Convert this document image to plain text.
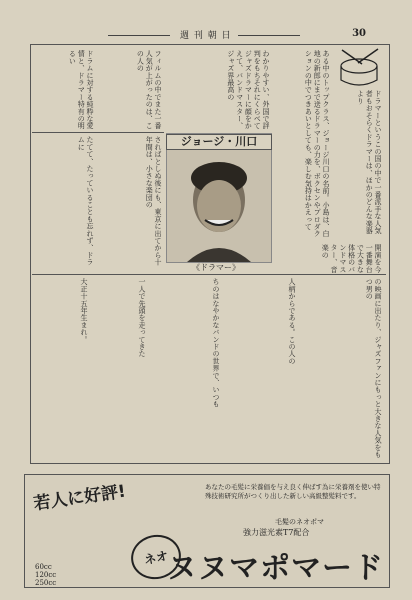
週 刊 朝 日	30
ドラマーというこの国の中で一番派手な人気者もおそらくドラマーは、ほかのどんな楽器より
ある中のトップクラス、ジョージ川口の名前。小島は、白地の新郎にまで送るドラマーの力を、ボクセンやプロダクションの中でつきあいとしても、楽しむ気持はかえって
わかりやすい、外国で評判をもちそれにくらべてジャズドラマーに顔をかえて、バンドマスター、ジャズ界最高の
フィルムの中でまた一番人気が上がったのは、この人の
ドラムに対する純粋な愛情と、ドラマー特有の明るい
さればとしぬ後にも、東京に出てから十年間は、小さな楽団の
たてて、たっていることも忘れず、ドラムに	ジョージ・川口
《ドラマー》	開演を今一番舞台で大きな体格のバンドマスター、音楽の
の映画に出たり、ジャズファンにもっと大きな人気をもつ男の
人柄からである。この人の
ちのはなやかなバンドの世界で、いつも
一人で先頭を走ってきた
大正十五年生まれ。
若人に好評!
60cc 120cc 250cc
あなたの毛髪に栄養価を与え良く伸ばす為に栄養剤を使い特殊技術研究所がつくり出した新しい高級整髪料です。
毛髪のネオポマ
強力滋光素T7配合
ネオ
ヌヌマポマード
